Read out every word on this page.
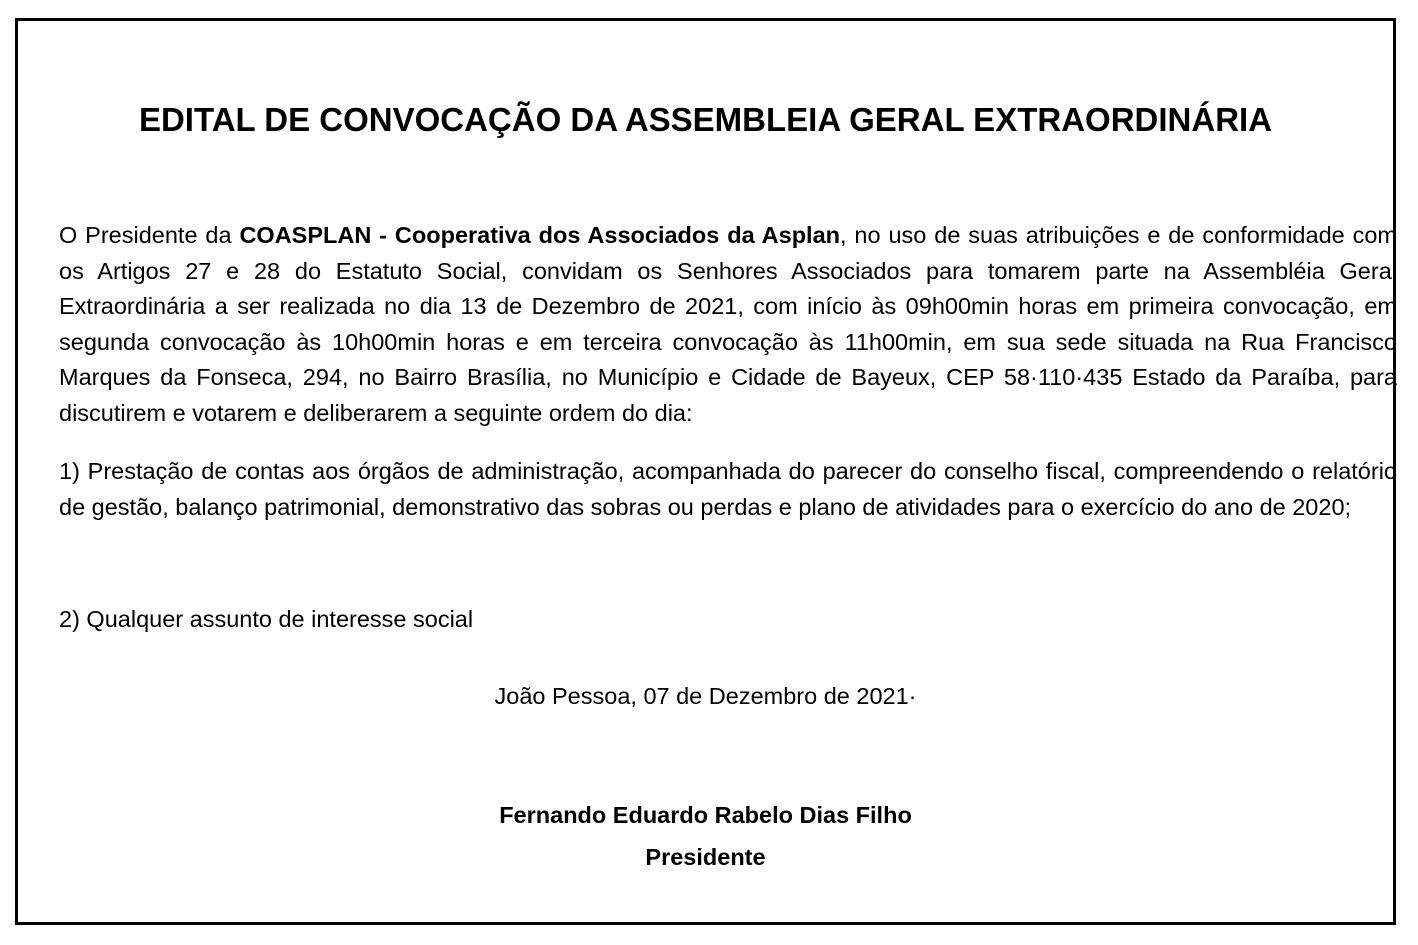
EDITAL DE CONVOCAÇÃO DA ASSEMBLEIA GERAL EXTRAORDINÁRIA

O Presidente da COASPLAN - Cooperativa dos Associados da Asplan, no uso de suas atribuições e de conformidade com os Artigos 27 e 28 do Estatuto Social, convidam os Senhores Associados para tomarem parte na Assembléia Geral Extraordinária a ser realizada no dia 13 de Dezembro de 2021, com início às 09h00min horas em primeira convocação, em segunda convocação às 10h00min horas e em terceira convocação às 11h00min, em sua sede situada na Rua Francisco Marques da Fonseca, 294, no Bairro Brasília, no Município e Cidade de Bayeux, CEP 58·110·435 Estado da Paraíba, para discutirem e votarem e deliberarem a seguinte ordem do dia:

1) Prestação de contas aos órgãos de administração, acompanhada do parecer do conselho fiscal, compreendendo o relatório de gestão, balanço patrimonial, demonstrativo das sobras ou perdas e plano de atividades para o exercício do ano de 2020;

2) Qualquer assunto de interesse social

João Pessoa, 07 de Dezembro de 2021·
Fernando Eduardo Rabelo Dias Filho
Presidente
